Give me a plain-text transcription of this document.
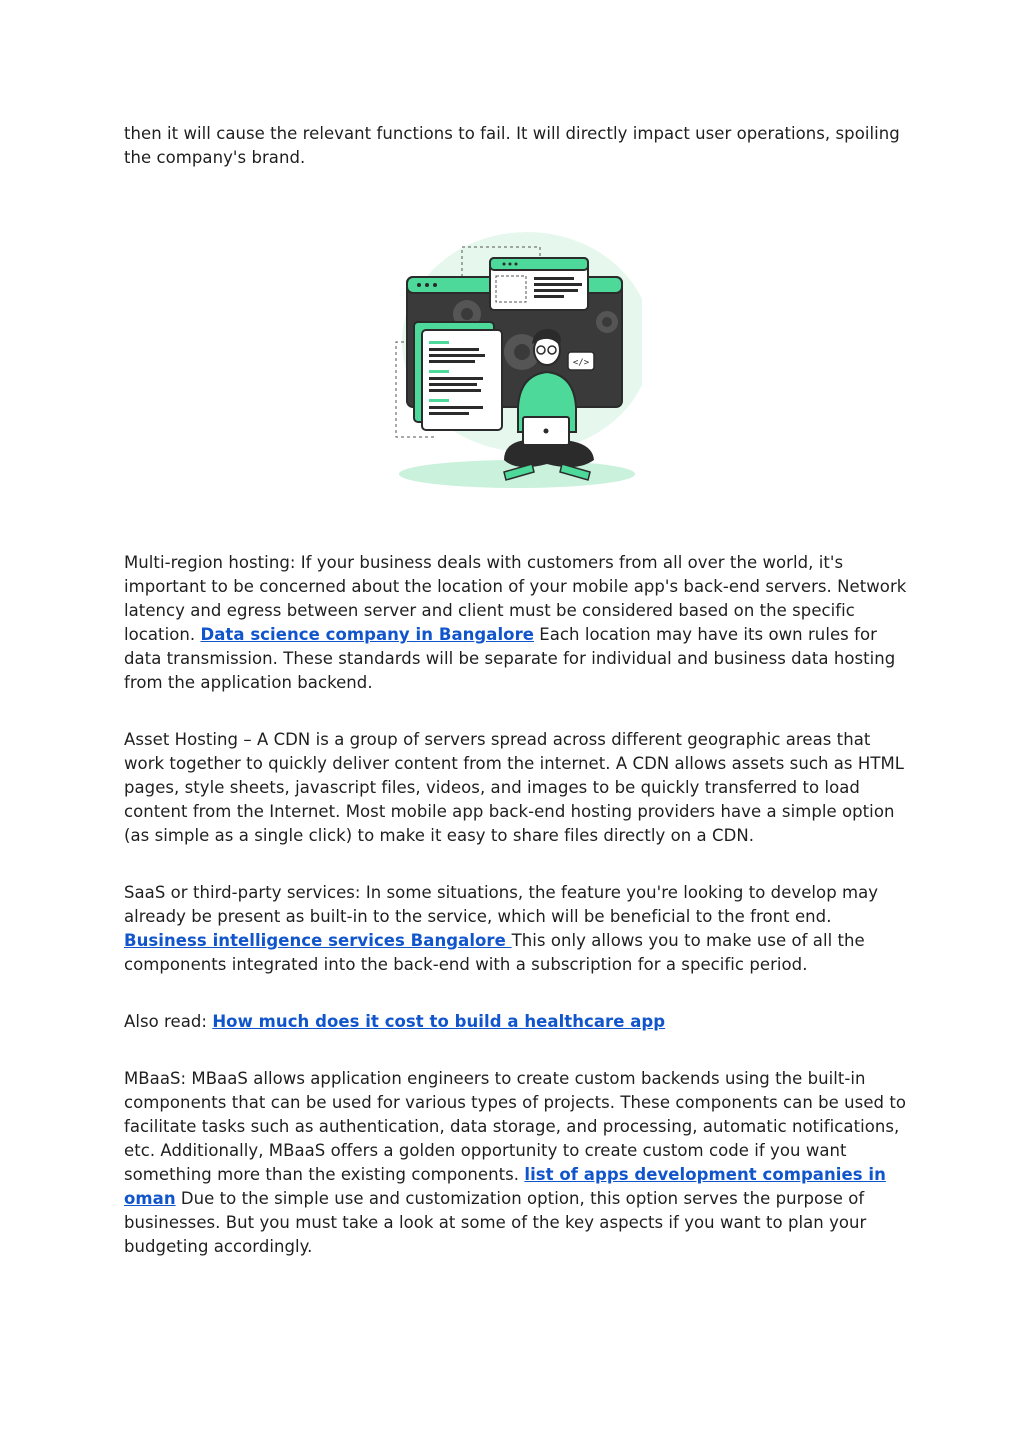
then it will cause the relevant functions to fail. It will directly impact user operations, spoiling the company's brand.

</>

Multi-region hosting: If your business deals with customers from all over the world, it's important to be concerned about the location of your mobile app's back-end servers. Network latency and egress between server and client must be considered based on the specific location. Data science company in Bangalore Each location may have its own rules for data transmission. These standards will be separate for individual and business data hosting from the application backend.

Asset Hosting – A CDN is a group of servers spread across different geographic areas that work together to quickly deliver content from the internet. A CDN allows assets such as HTML pages, style sheets, javascript files, videos, and images to be quickly transferred to load content from the Internet. Most mobile app back-end hosting providers have a simple option (as simple as a single click) to make it easy to share files directly on a CDN.

SaaS or third-party services: In some situations, the feature you're looking to develop may already be present as built-in to the service, which will be beneficial to the front end. Business intelligence services Bangalore This only allows you to make use of all the components integrated into the back-end with a subscription for a specific period.

Also read: How much does it cost to build a healthcare app

MBaaS: MBaaS allows application engineers to create custom backends using the built-in components that can be used for various types of projects. These components can be used to facilitate tasks such as authentication, data storage, and processing, automatic notifications, etc. Additionally, MBaaS offers a golden opportunity to create custom code if you want something more than the existing components. list of apps development companies in oman Due to the simple use and customization option, this option serves the purpose of businesses. But you must take a look at some of the key aspects if you want to plan your budgeting accordingly.
